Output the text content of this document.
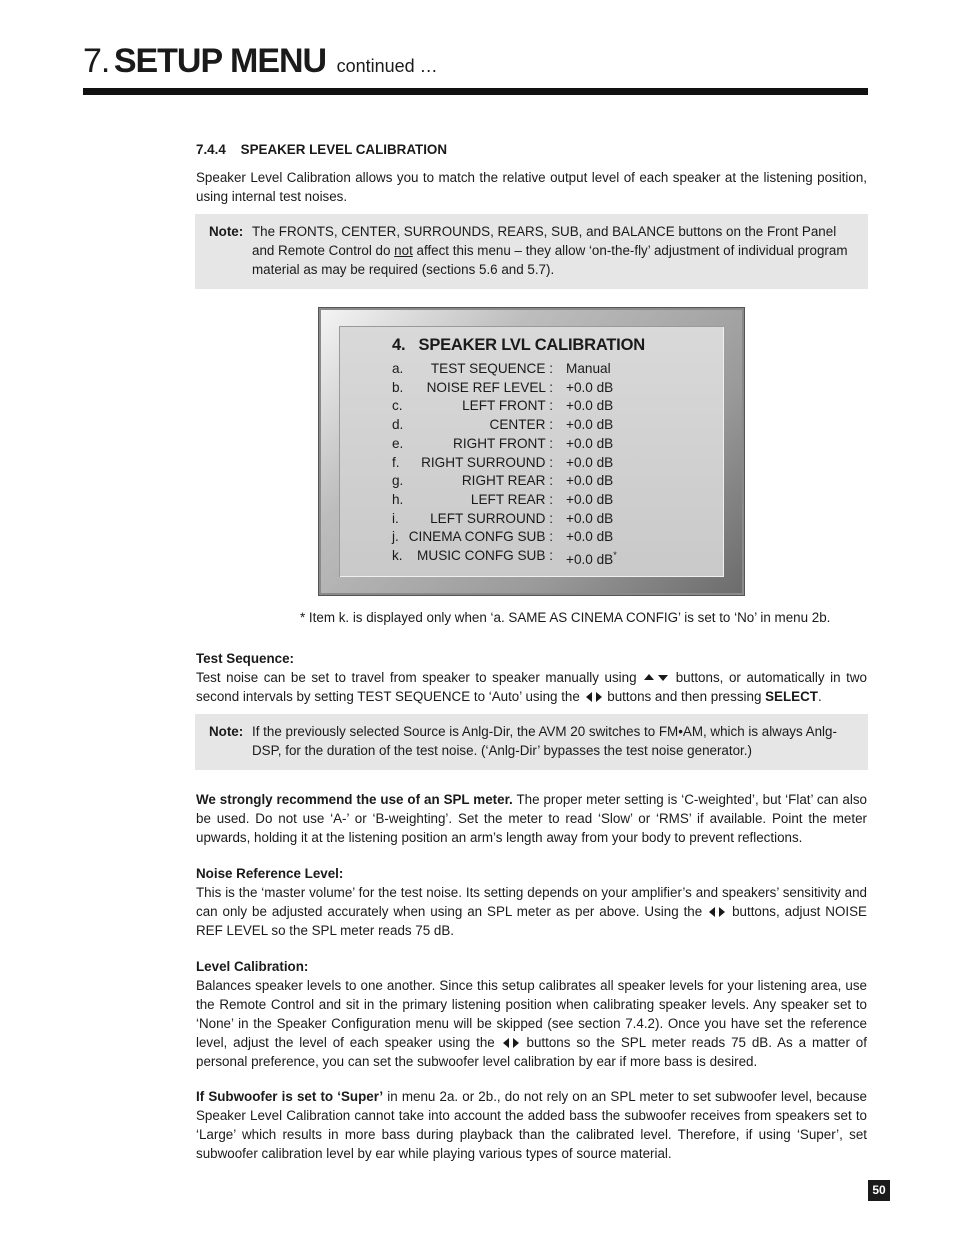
7. SETUP MENU continued …
7.4.4    SPEAKER LEVEL CALIBRATION
Speaker Level Calibration allows you to match the relative output level of each speaker at the listening position, using internal test noises.
Note: The FRONTS, CENTER, SURROUNDS, REARS, SUB, and BALANCE buttons on the Front Panel and Remote Control do not affect this menu – they allow ‘on-the-fly’ adjustment of individual program material as may be required (sections 5.6 and 5.7).
4.   SPEAKER LVL CALIBRATION
a. TEST SEQUENCE : Manual
b. NOISE REF LEVEL : +0.0 dB
c.	LEFT FRONT : +0.0 dB
d.	CENTER : +0.0 dB
e.	RIGHT FRONT : +0.0 dB
f. RIGHT SURROUND : +0.0 dB
g.	RIGHT REAR : +0.0 dB
h.	LEFT REAR : +0.0 dB
i. LEFT SURROUND : +0.0 dB
j. CINEMA CONFG SUB : +0.0 dB
k. MUSIC CONFG SUB : +0.0 dB*
* Item k. is displayed only when ‘a. SAME AS CINEMA CONFIG’ is set to ‘No’ in menu 2b.
Test Sequence:
Test noise can be set to travel from speaker to speaker manually using	buttons, or automatically in two second intervals by setting TEST SEQUENCE to ‘Auto’ using the buttons and then pressing SELECT.
Note: If the previously selected Source is Anlg-Dir, the AVM 20 switches to FM•AM, which is always Anlg-DSP, for the duration of the test noise. (‘Anlg-Dir’ bypasses the test noise generator.)
We strongly recommend the use of an SPL meter. The proper meter setting is ‘C-weighted’, but ‘Flat’ can also be used. Do not use ‘A-’ or ‘B-weighting’. Set the meter to read ‘Slow’ or ‘RMS’ if available. Point the meter upwards, holding it at the listening position an arm’s length away from your body to prevent reflections.
Noise Reference Level:
This is the ‘master volume’ for the test noise. Its setting depends on your amplifier’s and speakers’ sensitivity and can only be adjusted accurately when using an SPL meter as per above. Using the buttons, adjust NOISE REF LEVEL so the SPL meter reads 75 dB.
Level Calibration:
Balances speaker levels to one another. Since this setup calibrates all speaker levels for your listening area, use the Remote Control and sit in the primary listening position when calibrating speaker levels. Any speaker set to ‘None’ in the Speaker Configuration menu will be skipped (see section 7.4.2). Once you have set the reference level, adjust the level of each speaker using the buttons so the SPL meter reads 75 dB. As a matter of personal preference, you can set the subwoofer level calibration by ear if more bass is desired.
If Subwoofer is set to ‘Super’ in menu 2a. or 2b., do not rely on an SPL meter to set subwoofer level, because Speaker Level Calibration cannot take into account the added bass the subwoofer receives from speakers set to ‘Large’ which results in more bass during playback than the calibrated level. Therefore, if using ‘Super’, set subwoofer calibration level by ear while playing various types of source material.
50
